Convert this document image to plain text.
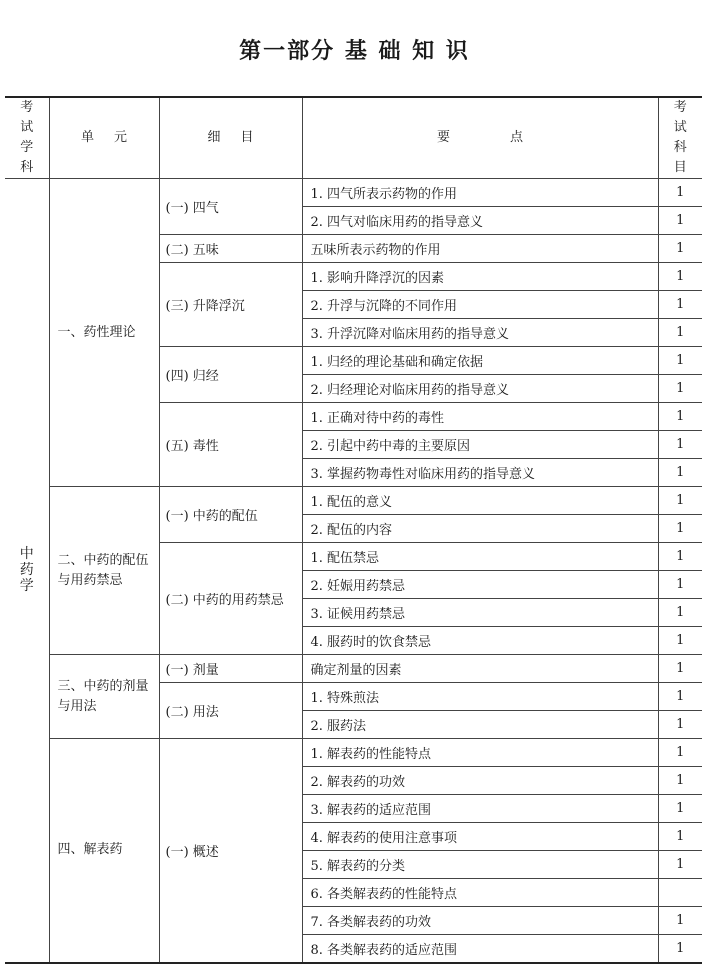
第一部分 基 础 知 识
考试学科	单元	细目	要点	考试科目

中药学	一、药性理论	(一) 四气	1. 四气所表示药物的作用	1
			2. 四气对临床用药的指导意义	1
		(二) 五味	五味所表示药物的作用	1
		(三) 升降浮沉	1. 影响升降浮沉的因素	1
			2. 升浮与沉降的不同作用	1
			3. 升浮沉降对临床用药的指导意义	1
		(四) 归经	1. 归经的理论基础和确定依据	1
			2. 归经理论对临床用药的指导意义	1
		(五) 毒性	1. 正确对待中药的毒性	1
			2. 引起中药中毒的主要原因	1
			3. 掌握药物毒性对临床用药的指导意义	1
	二、中药的配伍与用药禁忌	(一) 中药的配伍	1. 配伍的意义	1
			2. 配伍的内容	1
		(二) 中药的用药禁忌	1. 配伍禁忌	1
			2. 妊娠用药禁忌	1
			3. 证候用药禁忌	1
			4. 服药时的饮食禁忌	1
	三、中药的剂量与用法	(一) 剂量	确定剂量的因素	1
		(二) 用法	1. 特殊煎法	1
			2. 服药法	1
	四、解表药	(一) 概述	1. 解表药的性能特点	1
			2. 解表药的功效	1
			3. 解表药的适应范围	1
			4. 解表药的使用注意事项	1
			5. 解表药的分类	1
			6. 各类解表药的性能特点	
			7. 各类解表药的功效	1
			8. 各类解表药的适应范围	1
